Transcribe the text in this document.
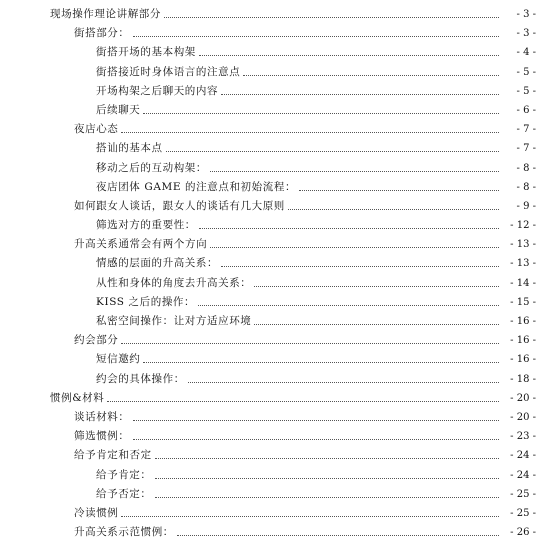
现场操作理论讲解部分	- 3 -
街搭部分：	- 3 -
街搭开场的基本构架	- 4 -
街搭接近时身体语言的注意点	- 5 -
开场构架之后聊天的内容	- 5 -
后续聊天	- 6 -
夜店心态	- 7 -
搭讪的基本点	- 7 -
移动之后的互动构架：	- 8 -
夜店团体 GAME 的注意点和初始流程：	- 8 -
如何跟女人谈话，跟女人的谈话有几大原则	- 9 -
筛选对方的重要性：	- 12 -
升高关系通常会有两个方向	- 13 -
情感的层面的升高关系：	- 13 -
从性和身体的角度去升高关系：	- 14 -
KISS 之后的操作：	- 15 -
私密空间操作：让对方适应环境	- 16 -
约会部分	- 16 -
短信邀约	- 16 -
约会的具体操作：	- 18 -
惯例&材料	- 20 -
谈话材料：	- 20 -
筛选惯例：	- 23 -
给予肯定和否定	- 24 -
给予肯定：	- 24 -
给予否定：	- 25 -
冷读惯例	- 25 -
升高关系示范惯例：	- 26 -
